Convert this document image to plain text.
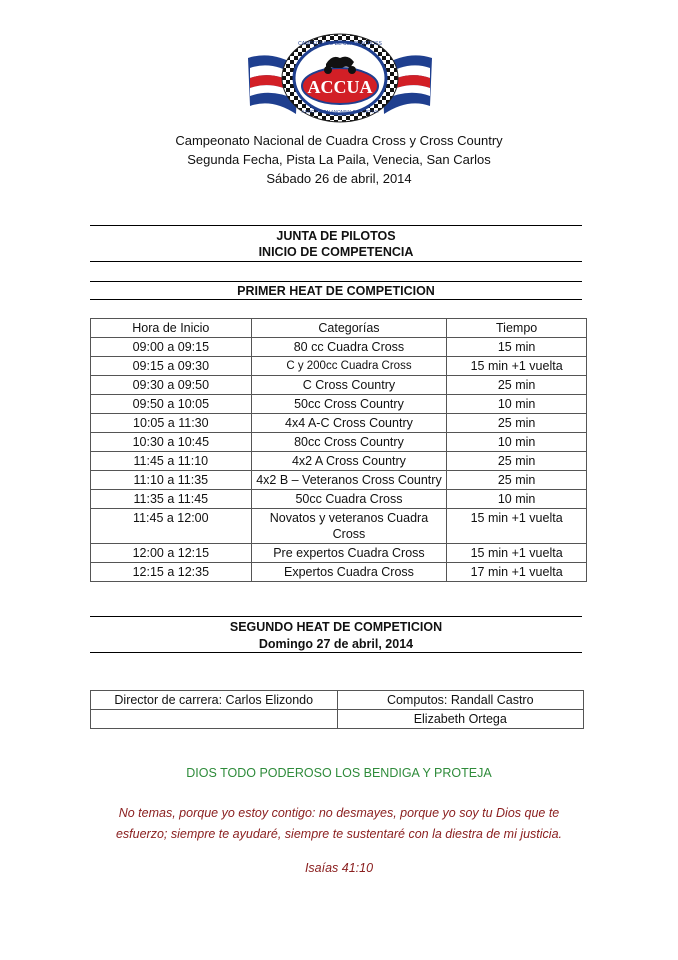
ACCUA
CAMPEONATO DE CUADRACROSS
ASOCIACION ANONIMA DEPORTIVA
Campeonato Nacional de Cuadra Cross y Cross Country
Segunda Fecha, Pista La Paila, Venecia, San Carlos
Sábado 26 de abril, 2014
JUNTA DE PILOTOS
INICIO DE COMPETENCIA
PRIMER HEAT DE COMPETICION
Hora de Inicio	Categorías	Tiempo
09:00 a 09:15	80 cc Cuadra Cross	15 min
09:15 a 09:30	C y 200cc Cuadra Cross	15 min +1 vuelta
09:30 a 09:50	C Cross Country	25 min
09:50 a 10:05	50cc Cross Country	10 min
10:05 a 11:30	4x4 A-C Cross Country	25 min
10:30 a 10:45	80cc Cross Country	10 min
11:45 a 11:10	4x2 A Cross Country	25 min
11:10 a 11:35	4x2 B – Veteranos Cross Country	25 min
11:35 a 11:45	50cc Cuadra Cross	10 min
11:45 a 12:00	Novatos y veteranos Cuadra Cross	15 min +1 vuelta
12:00 a 12:15	Pre expertos Cuadra Cross	15 min +1 vuelta
12:15 a 12:35	Expertos Cuadra Cross	17 min +1 vuelta
SEGUNDO HEAT DE COMPETICION
Domingo 27 de abril, 2014
Director de carrera: Carlos Elizondo	Computos: Randall Castro
	Elizabeth Ortega
DIOS TODO PODEROSO LOS BENDIGA Y PROTEJA
No temas, porque yo estoy contigo: no desmayes, porque yo soy tu Dios que te
esfuerzo; siempre te ayudaré, siempre te sustentaré con la diestra de mi justicia.
Isaías 41:10
